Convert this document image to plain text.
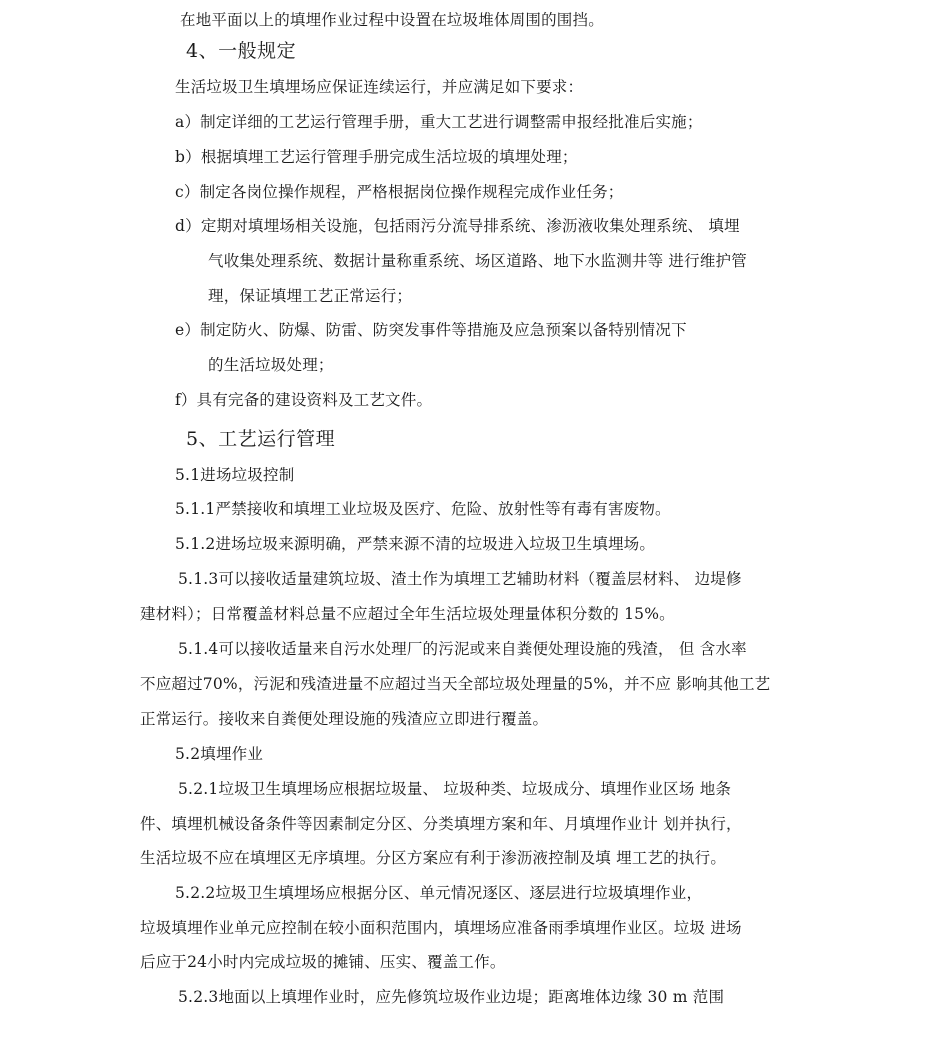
在地平面以上的填埋作业过程中设置在垃圾堆体周围的围挡。
4、一般规定
生活垃圾卫生填埋场应保证连续运行，并应满足如下要求：
a）制定详细的工艺运行管理手册，重大工艺进行调整需申报经批准后实施；
b）根据填埋工艺运行管理手册完成生活垃圾的填埋处理；
c）制定各岗位操作规程，严格根据岗位操作规程完成作业任务；
d）定期对填埋场相关设施，包括雨污分流导排系统、渗沥液收集处理系统、 填埋
气收集处理系统、数据计量称重系统、场区道路、地下水监测井等 进行维护管
理，保证填埋工艺正常运行；
e）制定防火、防爆、防雷、防突发事件等措施及应急预案以备特别情况下
的生活垃圾处理；
f）具有完备的建设资料及工艺文件。
5、工艺运行管理
5.1进场垃圾控制
5.1.1严禁接收和填埋工业垃圾及医疗、危险、放射性等有毒有害废物。
5.1.2进场垃圾来源明确，严禁来源不清的垃圾进入垃圾卫生填埋场。
5.1.3可以接收适量建筑垃圾、渣土作为填埋工艺辅助材料（覆盖层材料、 边堤修
建材料）；日常覆盖材料总量不应超过全年生活垃圾处理量体积分数的 15%。
5.1.4可以接收适量来自污水处理厂的污泥或来自粪便处理设施的残渣， 但 含水率
不应超过70%，污泥和残渣进量不应超过当天全部垃圾处理量的5%，并不应 影响其他工艺
正常运行。接收来自粪便处理设施的残渣应立即进行覆盖。
5.2填埋作业
5.2.1垃圾卫生填埋场应根据垃圾量、 垃圾种类、垃圾成分、填埋作业区场 地条
件、填埋机械设备条件等因素制定分区、分类填埋方案和年、月填埋作业计 划并执行，
生活垃圾不应在填埋区无序填埋。分区方案应有利于渗沥液控制及填 埋工艺的执行。
5.2.2垃圾卫生填埋场应根据分区、单元情况逐区、逐层进行垃圾填埋作业，
垃圾填埋作业单元应控制在较小面积范围内，填埋场应准备雨季填埋作业区。垃圾 进场
后应于24小时内完成垃圾的摊铺、压实、覆盖工作。
5.2.3地面以上填埋作业时，应先修筑垃圾作业边堤；距离堆体边缘 30 m 范围
